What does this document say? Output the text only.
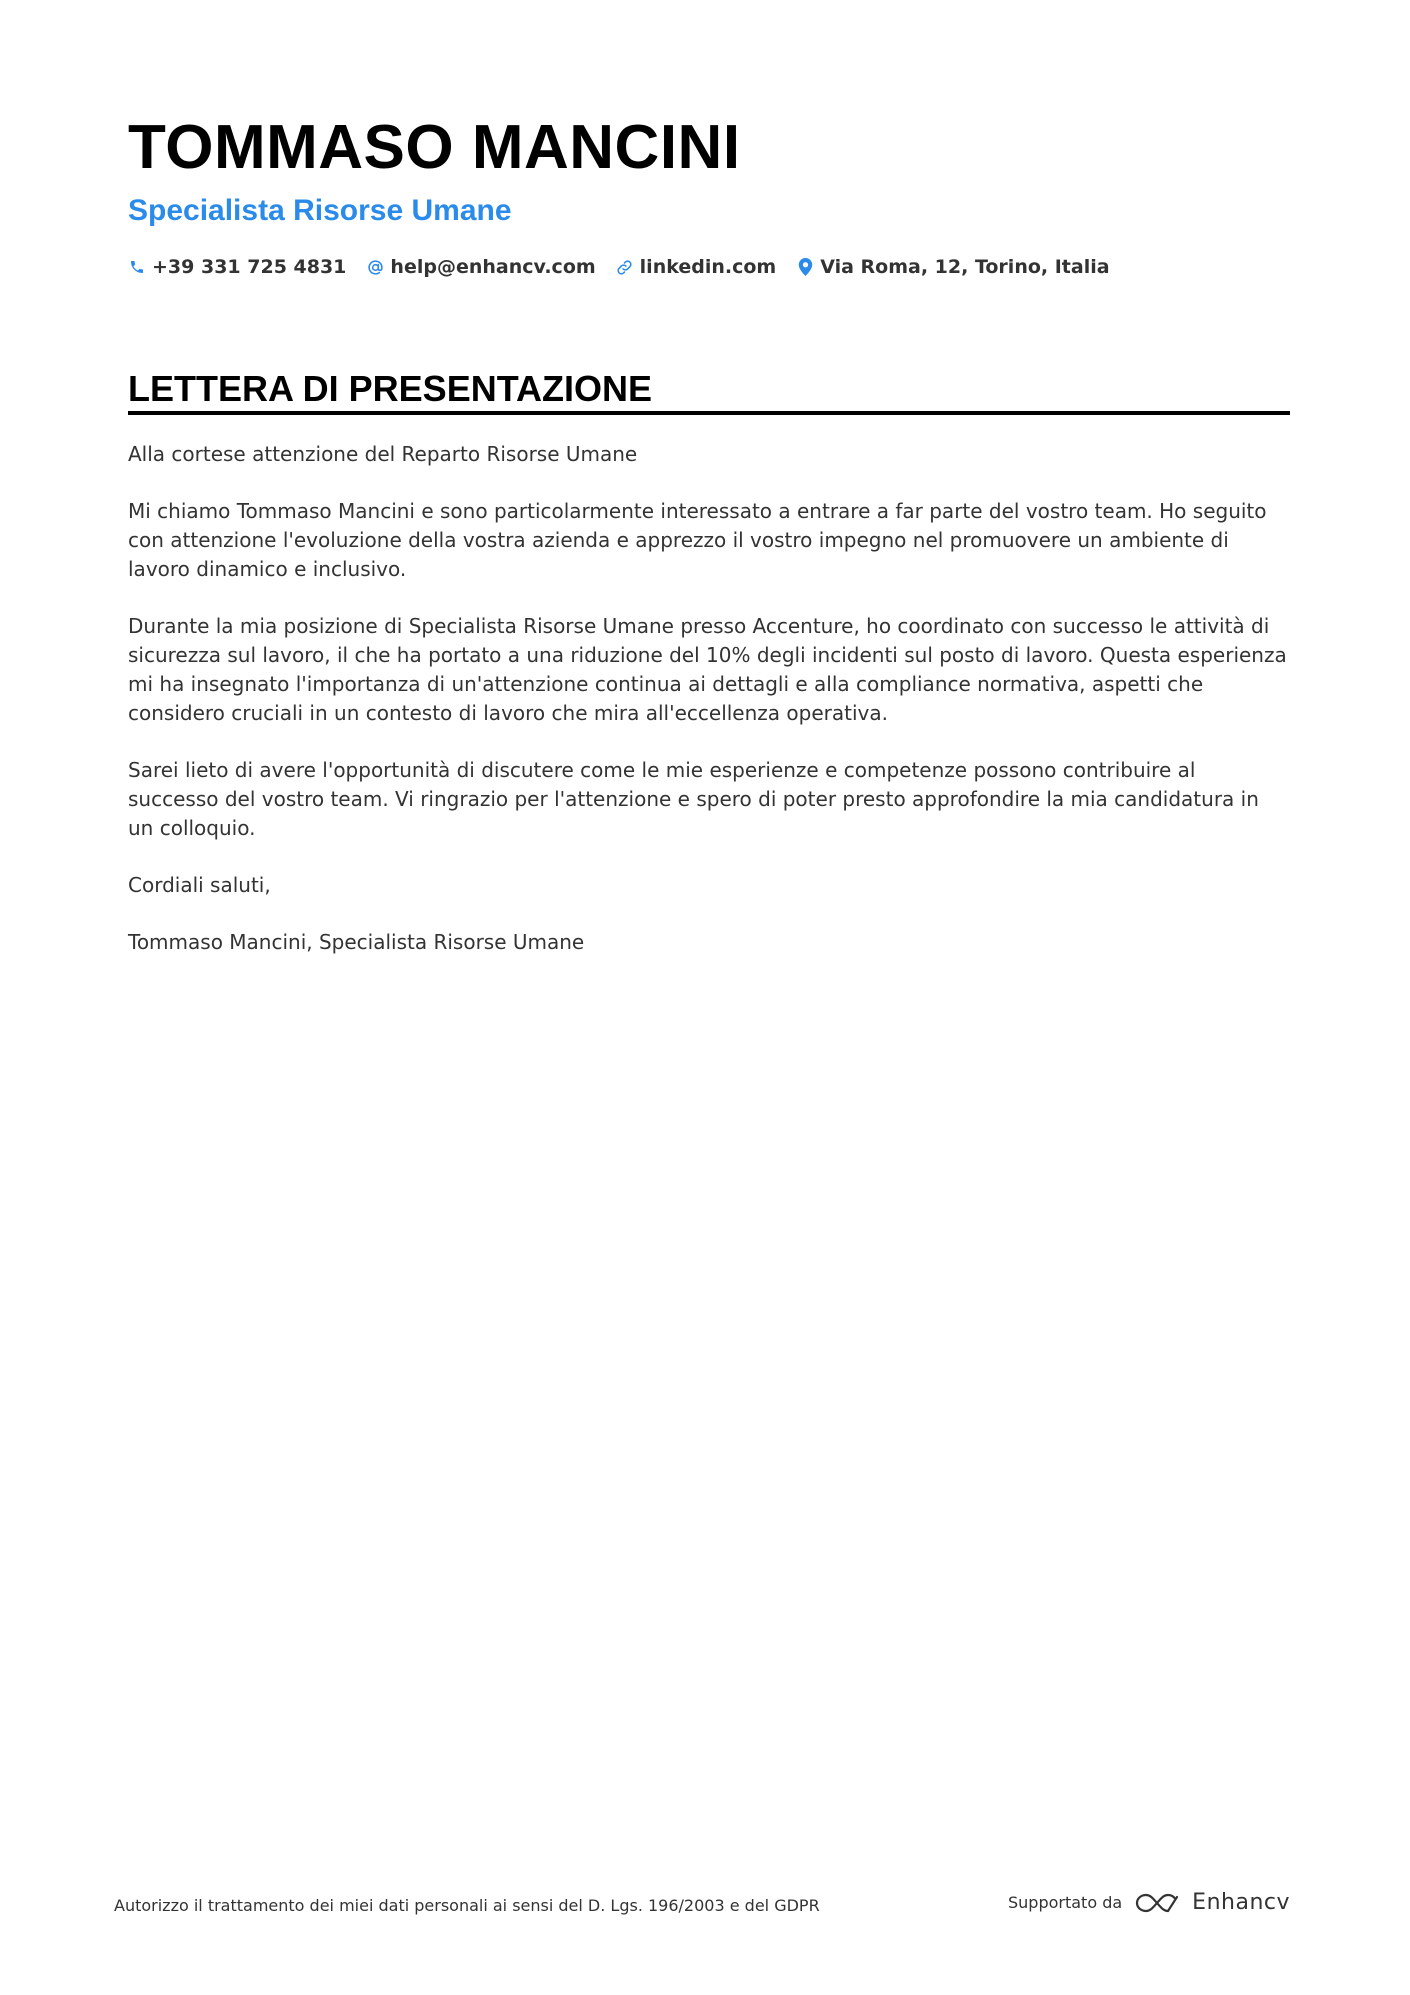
TOMMASO MANCINI
Specialista Risorse Umane
+39 331 725 4831 help@enhancv.com linkedin.com Via Roma, 12, Torino, Italia
LETTERA DI PRESENTAZIONE

Alla cortese attenzione del Reparto Risorse Umane

Mi chiamo Tommaso Mancini e sono particolarmente interessato a entrare a far parte del vostro team. Ho seguito con attenzione l'evoluzione della vostra azienda e apprezzo il vostro impegno nel promuovere un ambiente di lavoro dinamico e inclusivo.

Durante la mia posizione di Specialista Risorse Umane presso Accenture, ho coordinato con successo le attività di sicurezza sul lavoro, il che ha portato a una riduzione del 10% degli incidenti sul posto di lavoro. Questa esperienza mi ha insegnato l'importanza di un'attenzione continua ai dettagli e alla compliance normativa, aspetti che considero cruciali in un contesto di lavoro che mira all'eccellenza operativa.

Sarei lieto di avere l'opportunità di discutere come le mie esperienze e competenze possono contribuire al successo del vostro team. Vi ringrazio per l'attenzione e spero di poter presto approfondire la mia candidatura in un colloquio.

Cordiali saluti,

Tommaso Mancini, Specialista Risorse Umane

Autorizzo il trattamento dei miei dati personali ai sensi del D. Lgs. 196/2003 e del GDPR	Supportato da	Enhancv
